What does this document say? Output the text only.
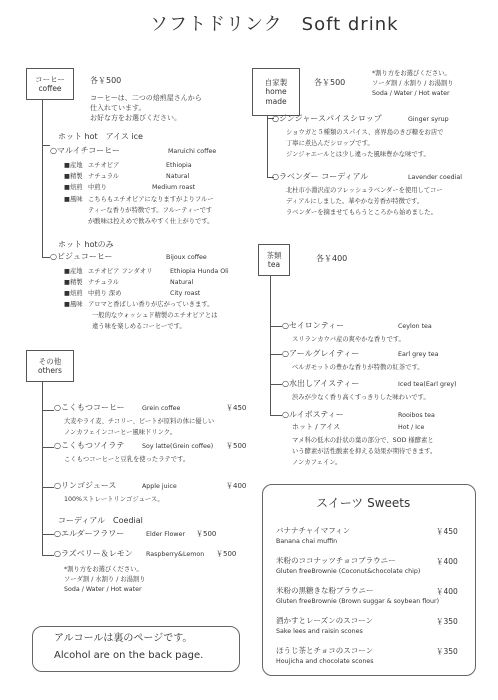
ソフトドリンク　Soft drink
コーヒー
coffee
各￥500
コーヒーは、二つの焙煎屋さんから
仕入れています。
お好な方をお選びください。
ホット hot　アイス ice
○マルイチコーヒー	Maruichi coffee
■産地 エチオピア	Ethiopia
■精製 ナチュラル	Natural
■焙煎 中煎り	Medium roast
■風味 こちらもエチオピアになりますがよりフルー
ティーな香りが特徴です。フルーティーです
が酸味は控えめで飲みやすく仕上がりです。
ホット hotのみ
○ビジュコーヒー	Bijoux coffee
■産地 エチオピア フンダオリ	Ethiopia Hunda Oli
■精製 ナチュラル	Natural
■焙煎 中煎り 深め	City roast
■風味 アロマと香ばしい香りが広がっていきます。
一般的なウォッシュド精製のエチオピアとは
違う味を楽しめるコーヒーです。
その他
others
○こくもつコーヒー	Grein coffee	￥450
大麦やライ麦、チコリー、ビートが原料の体に優しい
ノンカフェインコーヒー風味ドリンク。
○こくもつソイラテ	Soy latte(Grein coffee) ￥500
こくもつコーヒーと豆乳を使ったラテです。
○リンゴジュース	Apple juice	￥400
100%ストレートリンゴジュース。
コーディアル　Coedial
○エルダーフラワー	Elder Flower ￥500
○ラズベリー＆レモン Raspberry&Lemon ￥500
*割り方をお選びください。
ソーダ割 / 水割り / お湯割り
Soda / Water / Hot water
アルコールは裏のページです。
Alcohol are on the back page.
自家製
home
made
各￥500
*割り方をお選びください。
ソーダ割 / 水割り / お湯割り
Soda / Water / Hot water
○ジンジャースパイスシロップ	Ginger syrup
ショウガと５種類のスパイス、喜界島のきび糖をお店で
丁寧に煮込んだシロップです。
ジンジャエールとは少し違った風味豊かな味です。
○ラベンダー コーディアル	Lavender coedial
北杜市小淵沢産のフレッシュラベンダーを使用してコー
ディアルにしました。華やかな芳香が特徴です。
ラベンダーを摘ませてもらうところから始めました。
茶類
tea
各￥400
○セイロンティー	Ceylon tea
スリランカウバ産の爽やかな香りです。
○アールグレイティー	Earl grey tea
ベルガモットの豊かな香りが特徴の紅茶です。
○水出しアイスティー	Iced tea(Earl grey)
渋みが少なく香り高くすっきりした味わいです。
○ルイボスティー	Rooibos tea
ホット / アイス	Hot / Ice
マメ科の低木の針状の葉の部分で、SOD 様酵素と
いう酵素が活性酸素を抑える効果が期待できます。
ノンカフェイン。
スイーツ Sweets
バナナチャイマフィン
Banana chai muffin
￥450
米粉のココナッツチョコブラウニー
Gluten freeBrownie (Coconut&chocolate chip)
￥400
米粉の黒糖きな粉ブラウニー
Gluten freeBrownie (Brown suggar & soybean flour)
￥400
酒かすとレーズンのスコーン
Sake lees and raisin scones
￥350
ほうじ茶とチョコのスコーン
Houjicha and chocolate scones
￥350
